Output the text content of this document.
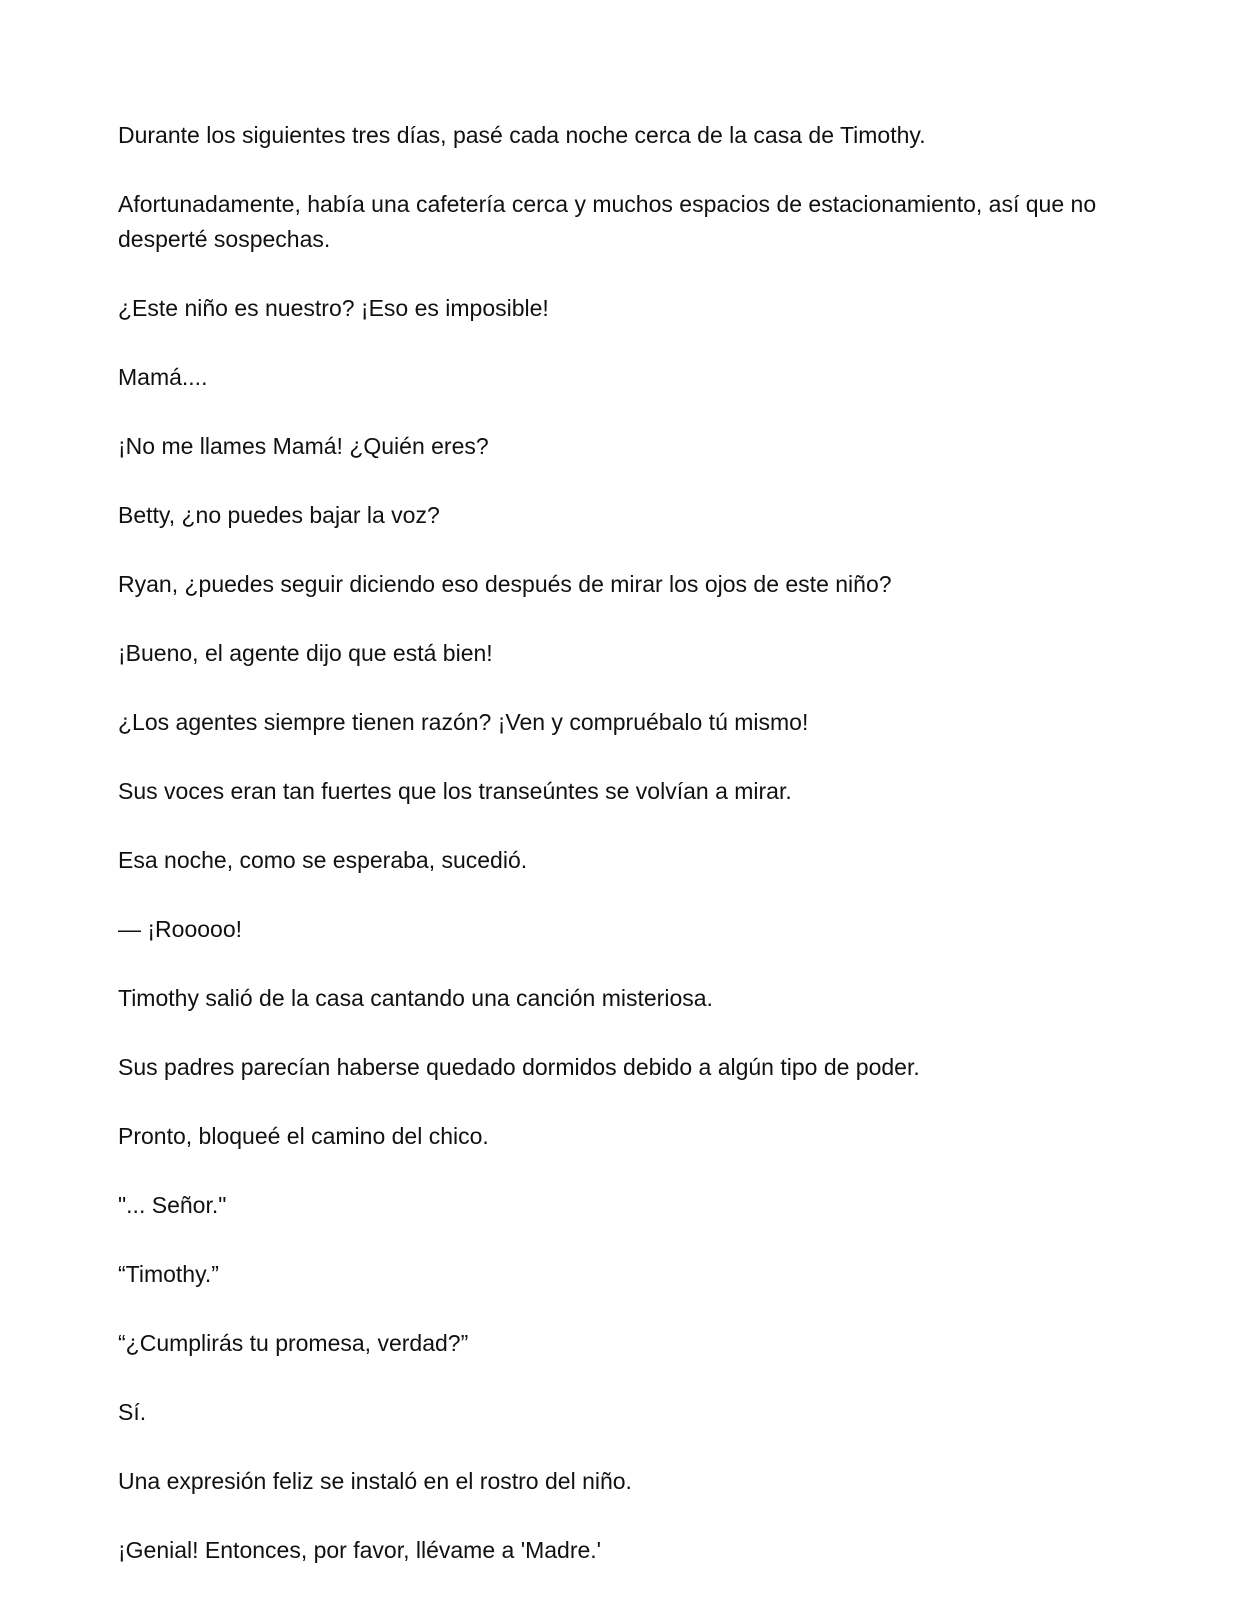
Durante los siguientes tres días, pasé cada noche cerca de la casa de Timothy.

Afortunadamente, había una cafetería cerca y muchos espacios de estacionamiento, así que no desperté sospechas.

¿Este niño es nuestro? ¡Eso es imposible!

Mamá....

¡No me llames Mamá! ¿Quién eres?

Betty, ¿no puedes bajar la voz?

Ryan, ¿puedes seguir diciendo eso después de mirar los ojos de este niño?

¡Bueno, el agente dijo que está bien!

¿Los agentes siempre tienen razón? ¡Ven y compruébalo tú mismo!

Sus voces eran tan fuertes que los transeúntes se volvían a mirar.

Esa noche, como se esperaba, sucedió.

— ¡Rooooo!

Timothy salió de la casa cantando una canción misteriosa.

Sus padres parecían haberse quedado dormidos debido a algún tipo de poder.

Pronto, bloqueé el camino del chico.

"... Señor."

“Timothy.”

“¿Cumplirás tu promesa, verdad?”

Sí.

Una expresión feliz se instaló en el rostro del niño.

¡Genial! Entonces, por favor, llévame a 'Madre.'
